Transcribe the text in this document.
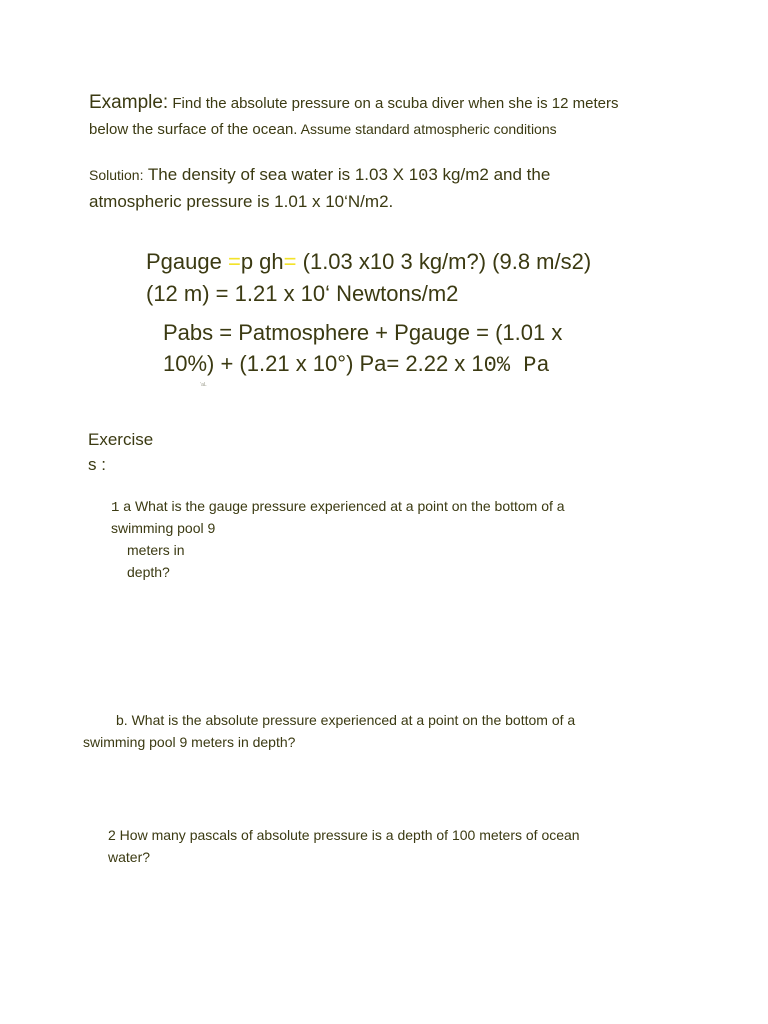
Example: Find the absolute pressure on a scuba diver when she is 12 meters
below the surface of the ocean. Assume standard atmospheric conditions
Solution: The density of sea water is 1.03 X 103 kg/m2 and the
atmospheric pressure is 1.01 x 10‘N/m2.
Pgauge =p gh= (1.03 x10 3 kg/m?) (9.8 m/s2)
(12 m) = 1.21 x 10‘ Newtons/m2
Pabs = Patmosphere + Pgauge = (1.01 x
10%) + (1.21 x 10°) Pa= 2.22 x 10% Pa
‘aL
Exercise
s :
1 a What is the gauge pressure experienced at a point on the bottom of a
swimming pool 9
meters in
depth?
b. What is the absolute pressure experienced at a point on the bottom of a
swimming pool 9 meters in depth?
2 How many pascals of absolute pressure is a depth of 100 meters of ocean
water?
